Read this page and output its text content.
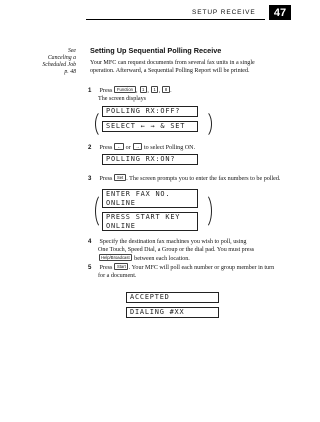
SETUP RECEIVE	47
See
Canceling a
Scheduled Job
p. 48
Setting Up Sequential Polling Receive
Your MFC can request documents from several fax units in a single operation. Afterward, a Sequential Polling Report will be printed.
1 Press Function , 1 , 1 , 8 .
The screen displays
POLLING RX:OFF?
SELECT ← → & SET
2 Press ← or → to select Polling ON.
POLLING RX:ON?
3 Press Set . The screen prompts you to enter the fax numbers to be polled.
ENTER FAX NO.
ONLINE
PRESS START KEY
ONLINE
4 Specify the destination fax machines you wish to poll, using
One Touch, Speed Dial, a Group or the dial pad. You must press
Help/Broadcast between each location.
5 Press Start . Your MFC will poll each number or group member in turn
for a document.
ACCEPTED
DIALING #XX
